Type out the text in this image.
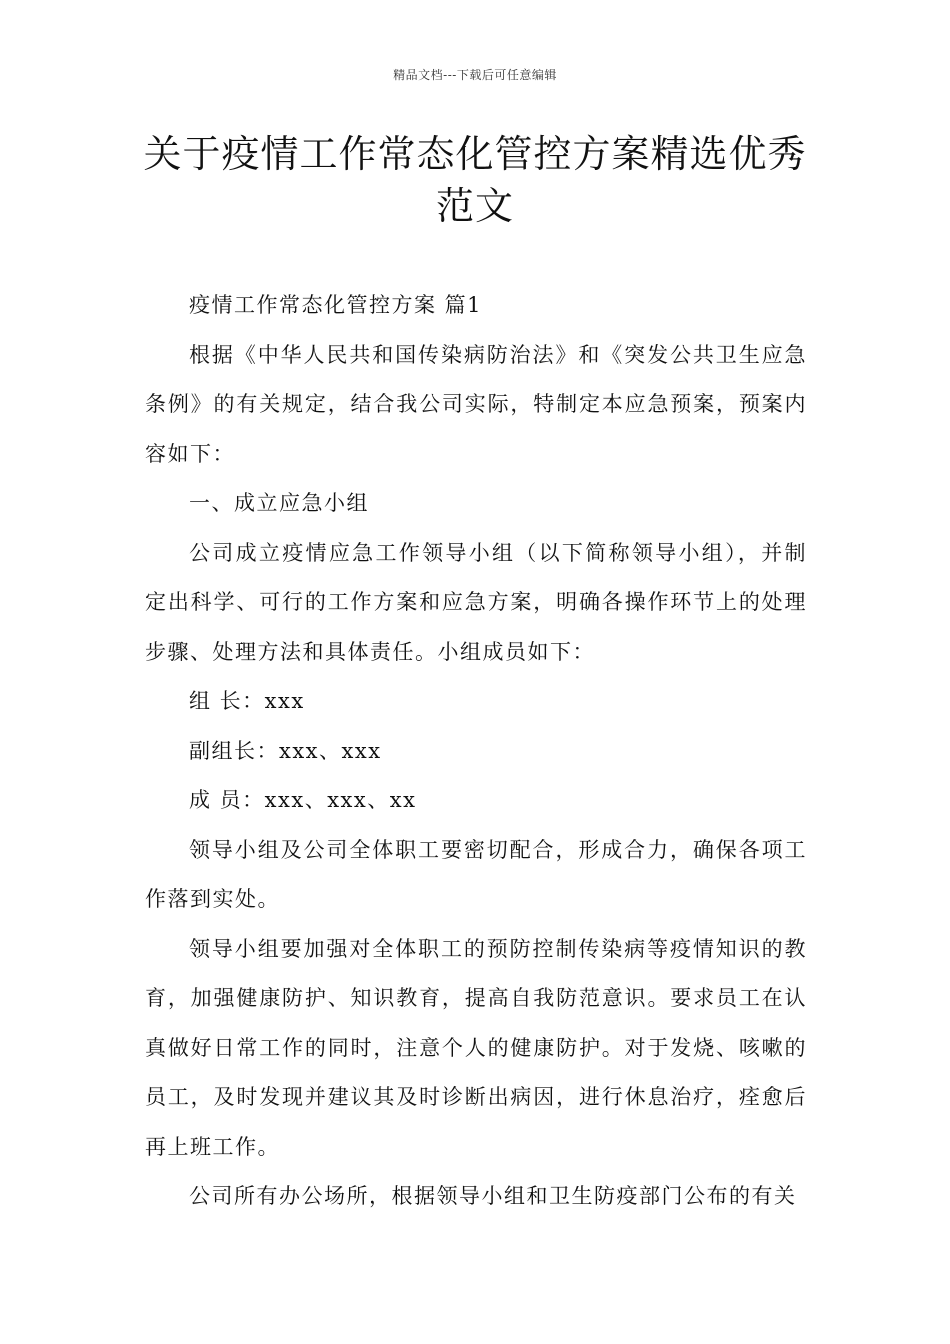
精品文档---下载后可任意编辑
关于疫情工作常态化管控方案精选优秀范文

疫情工作常态化管控方案 篇1

根据《中华人民共和国传染病防治法》和《突发公共卫生应急条例》的有关规定，结合我公司实际，特制定本应急预案，预案内容如下：

一、成立应急小组

公司成立疫情应急工作领导小组（以下简称领导小组），并制定出科学、可行的工作方案和应急方案，明确各操作环节上的处理步骤、处理方法和具体责任。小组成员如下：

组 长：xxx

副组长：xxx、xxx

成 员：xxx、xxx、xx

领导小组及公司全体职工要密切配合，形成合力，确保各项工作落到实处。

领导小组要加强对全体职工的预防控制传染病等疫情知识的教育，加强健康防护、知识教育，提高自我防范意识。要求员工在认真做好日常工作的同时，注意个人的健康防护。对于发烧、咳嗽的员工，及时发现并建议其及时诊断出病因，进行休息治疗，痊愈后再上班工作。

公司所有办公场所，根据领导小组和卫生防疫部门公布的有关
